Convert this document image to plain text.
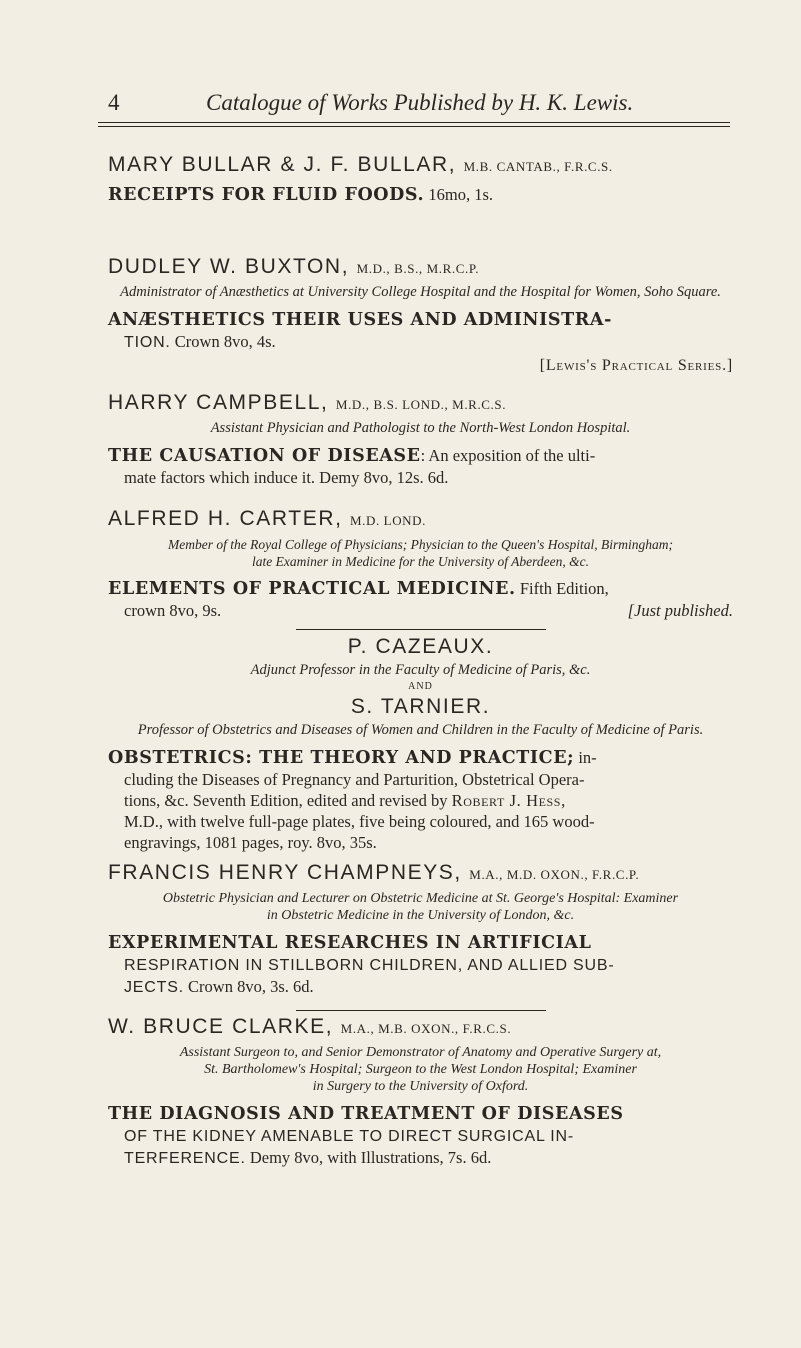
4	Catalogue of Works Published by H. K. Lewis.
MARY BULLAR & J. F. BULLAR, M.B. CANTAB., F.R.C.S.
RECEIPTS FOR FLUID FOODS. 16mo, 1s.
DUDLEY W. BUXTON, M.D., B.S., M.R.C.P.
Administrator of Anæsthetics at University College Hospital and the Hospital for Women, Soho Square.
ANÆSTHETICS THEIR USES AND ADMINISTRA-
TION. Crown 8vo, 4s.
[Lewis's Practical Series.]
HARRY CAMPBELL, M.D., B.S. LOND., M.R.C.S.
Assistant Physician and Pathologist to the North-West London Hospital.
THE CAUSATION OF DISEASE: An exposition of the ulti-
mate factors which induce it. Demy 8vo, 12s. 6d.
ALFRED H. CARTER, M.D. LOND.
Member of the Royal College of Physicians; Physician to the Queen's Hospital, Birmingham;
late Examiner in Medicine for the University of Aberdeen, &c.
ELEMENTS OF PRACTICAL MEDICINE. Fifth Edition,
crown 8vo, 9s.	[Just published.
P. CAZEAUX.
Adjunct Professor in the Faculty of Medicine of Paris, &c.
AND
S. TARNIER.
Professor of Obstetrics and Diseases of Women and Children in the Faculty of Medicine of Paris.
OBSTETRICS: THE THEORY AND PRACTICE; in-
cluding the Diseases of Pregnancy and Parturition, Obstetrical Opera-
tions, &c. Seventh Edition, edited and revised by Robert J. Hess,
M.D., with twelve full-page plates, five being coloured, and 165 wood-
engravings, 1081 pages, roy. 8vo, 35s.
FRANCIS HENRY CHAMPNEYS, M.A., M.D. OXON., F.R.C.P.
Obstetric Physician and Lecturer on Obstetric Medicine at St. George's Hospital: Examiner
in Obstetric Medicine in the University of London, &c.
EXPERIMENTAL RESEARCHES IN ARTIFICIAL
RESPIRATION IN STILLBORN CHILDREN, AND ALLIED SUB-
JECTS. Crown 8vo, 3s. 6d.
W. BRUCE CLARKE, M.A., M.B. OXON., F.R.C.S.
Assistant Surgeon to, and Senior Demonstrator of Anatomy and Operative Surgery at,
St. Bartholomew's Hospital; Surgeon to the West London Hospital; Examiner
in Surgery to the University of Oxford.
THE DIAGNOSIS AND TREATMENT OF DISEASES
OF THE KIDNEY AMENABLE TO DIRECT SURGICAL IN-
TERFERENCE. Demy 8vo, with Illustrations, 7s. 6d.
